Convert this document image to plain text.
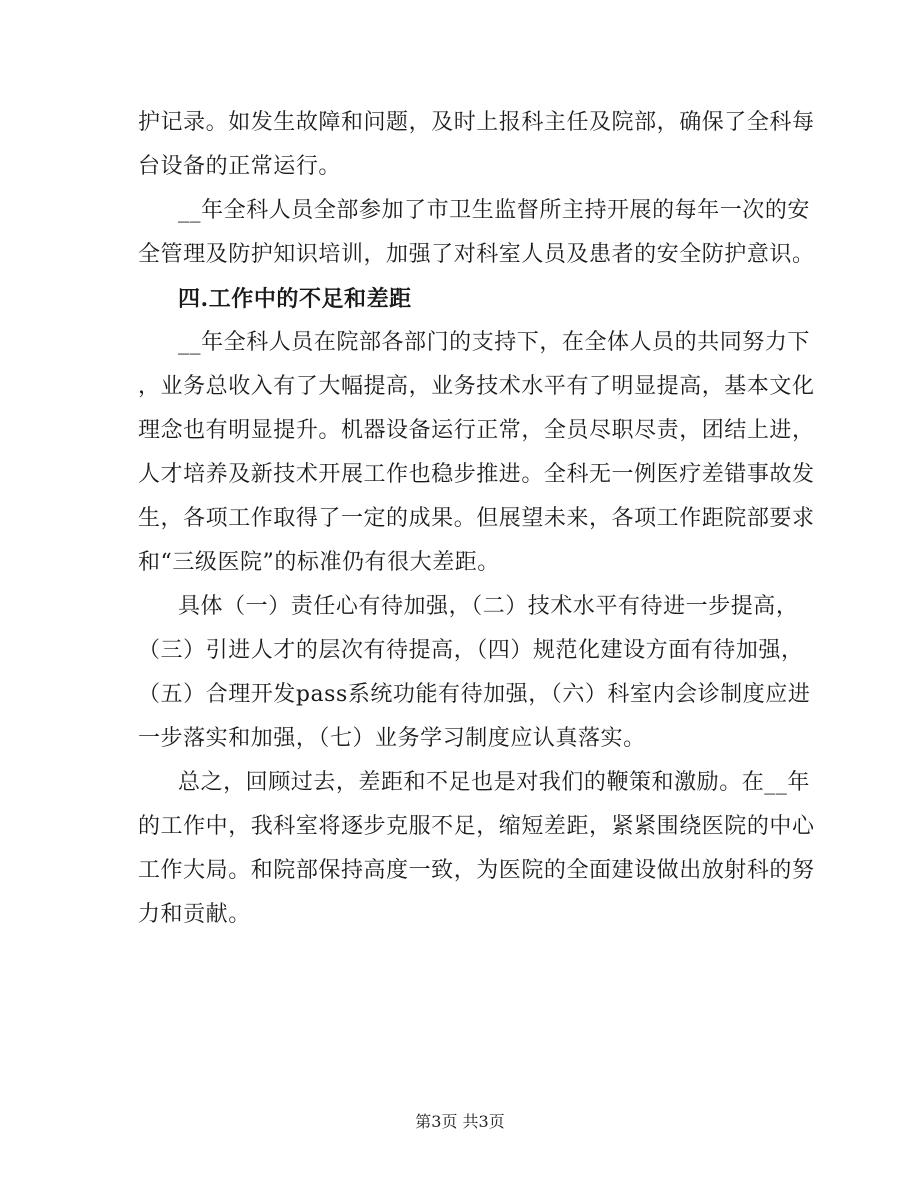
护记录。如发生故障和问题，及时上报科主任及院部，确保了全科每
台设备的正常运行。
__年全科人员全部参加了市卫生监督所主持开展的每年一次的安
全管理及防护知识培训，加强了对科室人员及患者的安全防护意识。
四.工作中的不足和差距
__年全科人员在院部各部门的支持下，在全体人员的共同努力下
，业务总收入有了大幅提高，业务技术水平有了明显提高，基本文化
理念也有明显提升。机器设备运行正常，全员尽职尽责，团结上进，
人才培养及新技术开展工作也稳步推进。全科无一例医疗差错事故发
生，各项工作取得了一定的成果。但展望未来，各项工作距院部要求
和“三级医院”的标准仍有很大差距。
具体（一）责任心有待加强，（二）技术水平有待进一步提高，
（三）引进人才的层次有待提高，（四）规范化建设方面有待加强，
（五）合理开发pass系统功能有待加强，（六）科室内会诊制度应进
一步落实和加强，（七）业务学习制度应认真落实。
总之，回顾过去，差距和不足也是对我们的鞭策和激励。在__年
的工作中，我科室将逐步克服不足，缩短差距，紧紧围绕医院的中心
工作大局。和院部保持高度一致，为医院的全面建设做出放射科的努
力和贡献。
第3页 共3页
